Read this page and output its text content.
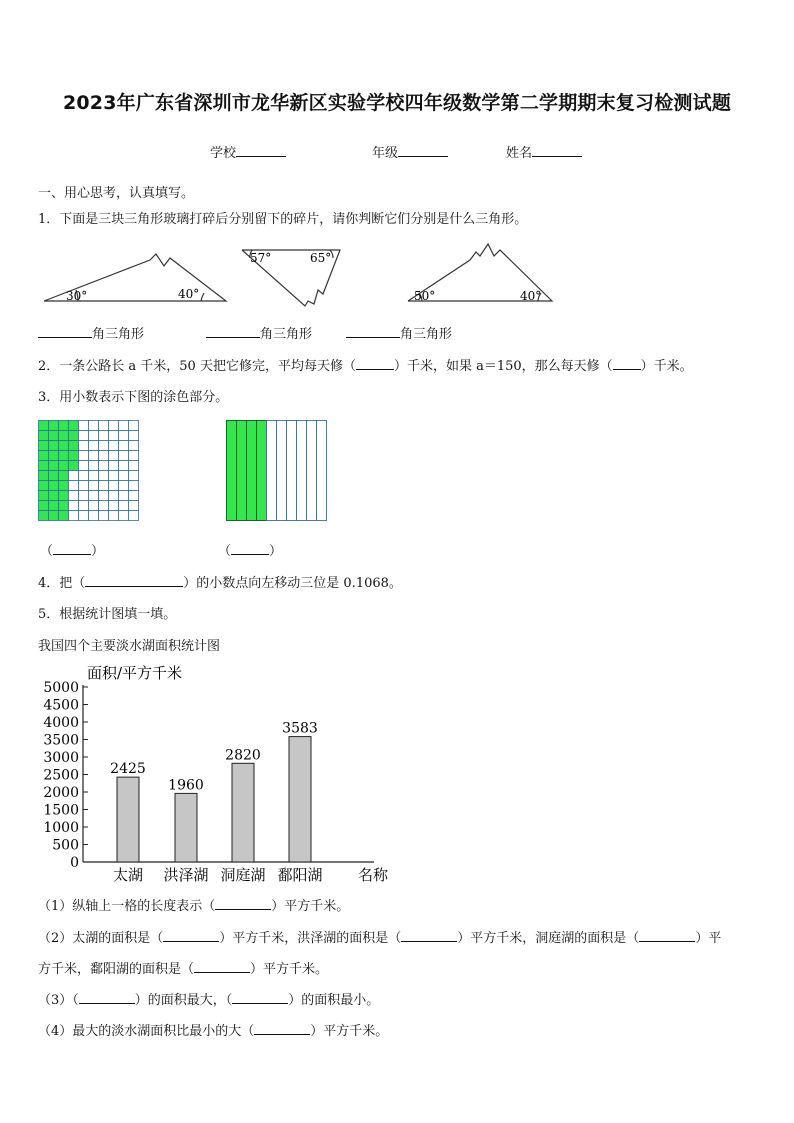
2023年广东省深圳市龙华新区实验学校四年级数学第二学期期末复习检测试题
学校	年级	姓名
一、用心思考，认真填写。
1．下面是三块三角形玻璃打碎后分别留下的碎片，请你判断它们分别是什么三角形。
30°	40°
57°	65°
50°	40°
角三角形	角三角形	角三角形
2．一条公路长 a 千米，50 天把它修完，平均每天修（	）千米，如果 a＝150，那么每天修（ ）千米。
3．用小数表示下图的涂色部分。
（	）	（	）
4．把（	）的小数点向左移动三位是 0.1068。
5．根据统计图填一填。
我国四个主要淡水湖面积统计图
面积/平方千米
名称
0
500
1000
1500
2000
2500
3000
3500
4000
4500
5000
2425
太湖
1960
洪泽湖
2820
洞庭湖
3583
鄱阳湖
（1）纵轴上一格的长度表示（	）平方千米。
（2）太湖的面积是（	）平方千米，洪泽湖的面积是（	）平方千米，洞庭湖的面积是（	）平
方千米，鄱阳湖的面积是（	）平方千米。
（3）（	）的面积最大，（	）的面积最小。
（4）最大的淡水湖面积比最小的大（	）平方千米。
